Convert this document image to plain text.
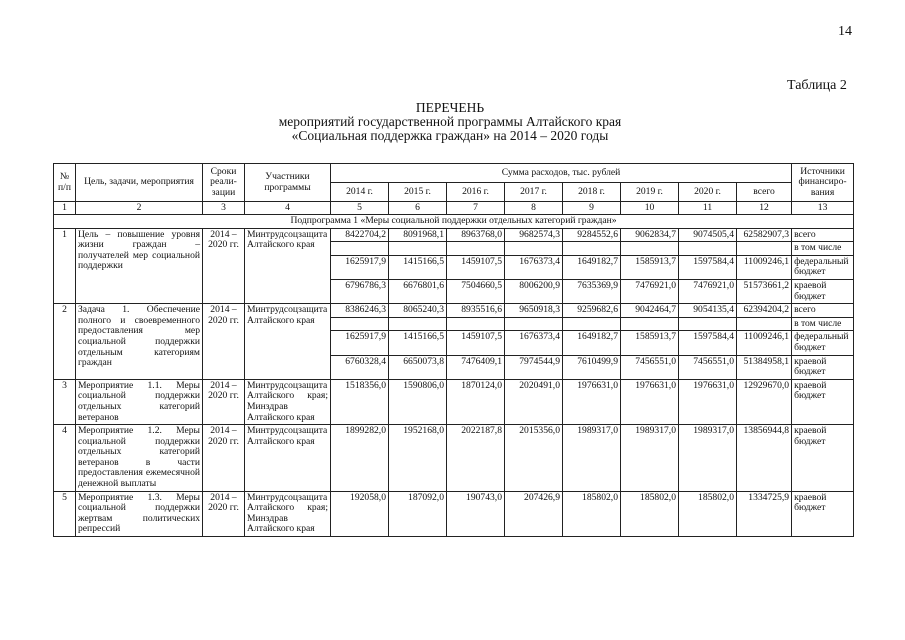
14
Таблица 2
ПЕРЕЧЕНЬ
мероприятий государственной программы Алтайского края
«Социальная поддержка граждан» на 2014 – 2020 годы
№ п/п	Цель, задачи, мероприятия	Сроки реали-зации	Участники программы	Сумма расходов, тыс. рублей								Источники финансиро-вания
				2014 г.	2015 г.	2016 г.	2017 г.	2018 г.	2019 г.	2020 г.	всего	
1	2	3	4	5	6	7	8	9	10	11	12	13
Подпрограмма 1 «Меры социальной поддержки отдельных категорий граждан»												
1	Цель – повышение уровня жизни граждан – получателей мер социальной поддержки	2014 – 2020 гг.	Минтрудсоцзащита Алтайского края	8422704,2	8091968,1	8963768,0	9682574,3	9284552,6	9062834,7	9074505,4	62582907,3	всего
												в том числе
				1625917,9	1415166,5	1459107,5	1676373,4	1649182,7	1585913,7	1597584,4	11009246,1	федеральный бюджет
				6796786,3	6676801,6	7504660,5	8006200,9	7635369,9	7476921,0	7476921,0	51573661,2	краевой бюджет
2	Задача 1. Обеспечение полного и своевременного предоставления мер социальной поддержки отдельным категориям граждан	2014 – 2020 гг.	Минтрудсоцзащита Алтайского края	8386246,3	8065240,3	8935516,6	9650918,3	9259682,6	9042464,7	9054135,4	62394204,2	всего
												в том числе
				1625917,9	1415166,5	1459107,5	1676373,4	1649182,7	1585913,7	1597584,4	11009246,1	федеральный бюджет
				6760328,4	6650073,8	7476409,1	7974544,9	7610499,9	7456551,0	7456551,0	51384958,1	краевой бюджет
3	Мероприятие 1.1. Меры социальной поддержки отдельных категорий ветеранов	2014 – 2020 гг.	Минтрудсоцзащита Алтайского края; Минздрав Алтайского края	1518356,0	1590806,0	1870124,0	2020491,0	1976631,0	1976631,0	1976631,0	12929670,0	краевой бюджет
4	Мероприятие 1.2. Меры социальной поддержки отдельных категорий ветеранов в части предоставления ежемесячной денежной выплаты	2014 – 2020 гг.	Минтрудсоцзащита Алтайского края	1899282,0	1952168,0	2022187,8	2015356,0	1989317,0	1989317,0	1989317,0	13856944,8	краевой бюджет
5	Мероприятие 1.3. Меры социальной поддержки жертвам политических репрессий	2014 – 2020 гг.	Минтрудсоцзащита Алтайского края; Минздрав Алтайского края	192058,0	187092,0	190743,0	207426,9	185802,0	185802,0	185802,0	1334725,9	краевой бюджет
